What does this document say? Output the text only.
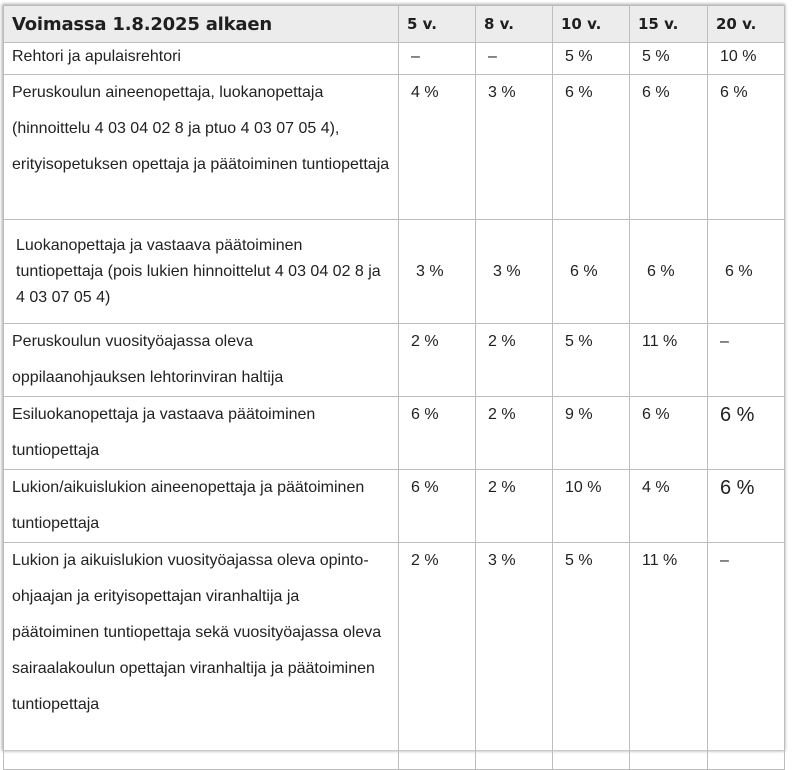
Voimassa 1.8.2025 alkaen	5 v.	8 v.	10 v.	15 v.	20 v.
Rehtori ja apulaisrehtori	–	–	5 %	5 %	10 %
Peruskoulun aineenopettaja, luokanopettaja (hinnoittelu 4 03 04 02 8 ja ptuo 4 03 07 05 4), erityisopetuksen opettaja ja päätoiminen tuntiopettaja	4 %	3 %	6 %	6 %	6 %
Luokanopettaja ja vastaava päätoiminen tuntiopettaja (pois lukien hinnoittelut 4 03 04 02 8 ja 4 03 07 05 4)	3 %	3 %	6 %	6 %	6 %
Peruskoulun vuosityöajassa oleva oppilaanohjauksen lehtorinviran haltija	2 %	2 %	5 %	11 %	–
Esiluokanopettaja ja vastaava päätoiminen tuntiopettaja	6 %	2 %	9 %	6 %	6 %
Lukion/aikuislukion aineenopettaja ja päätoiminen tuntiopettaja	6 %	2 %	10 %	4 %	6 %
Lukion ja aikuislukion vuosityöajassa oleva opinto-ohjaajan ja erityisopettajan viranhaltija ja päätoiminen tuntiopettaja sekä vuosityöajassa oleva sairaalakoulun opettajan viranhaltija ja päätoiminen tuntiopettaja	2 %	3 %	5 %	11 %	–
